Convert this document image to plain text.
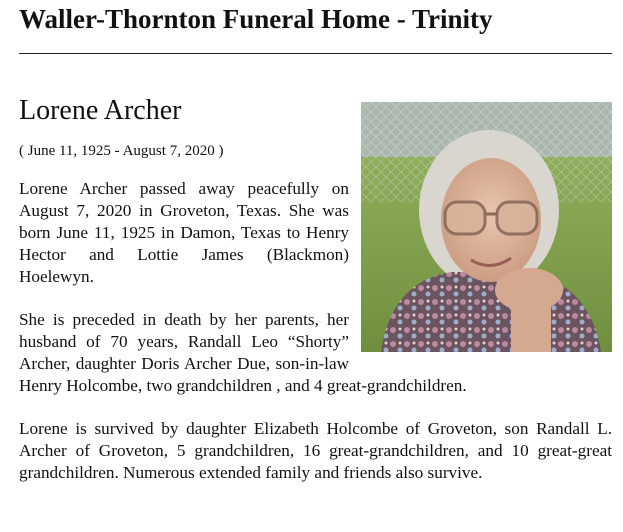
Waller-Thornton Funeral Home - Trinity
Lorene Archer

( June 11, 1925 - August 7, 2020 )

Lorene Archer passed away peacefully on August 7, 2020 in Groveton, Texas. She was born June 11, 1925 in Damon, Texas to Henry Hector and Lottie James (Blackmon) Hoelewyn.

She is preceded in death by her parents, her husband of 70 years, Randall Leo “Shorty” Archer, daughter Doris Archer Due, son-in-law Henry Holcombe, two grandchildren , and 4 great-grandchildren.

Lorene is survived by daughter Elizabeth Holcombe of Groveton, son Randall L. Archer of Groveton, 5 grandchildren, 16 great-grandchildren, and 10 great-great grandchildren. Numerous extended family and friends also survive.
